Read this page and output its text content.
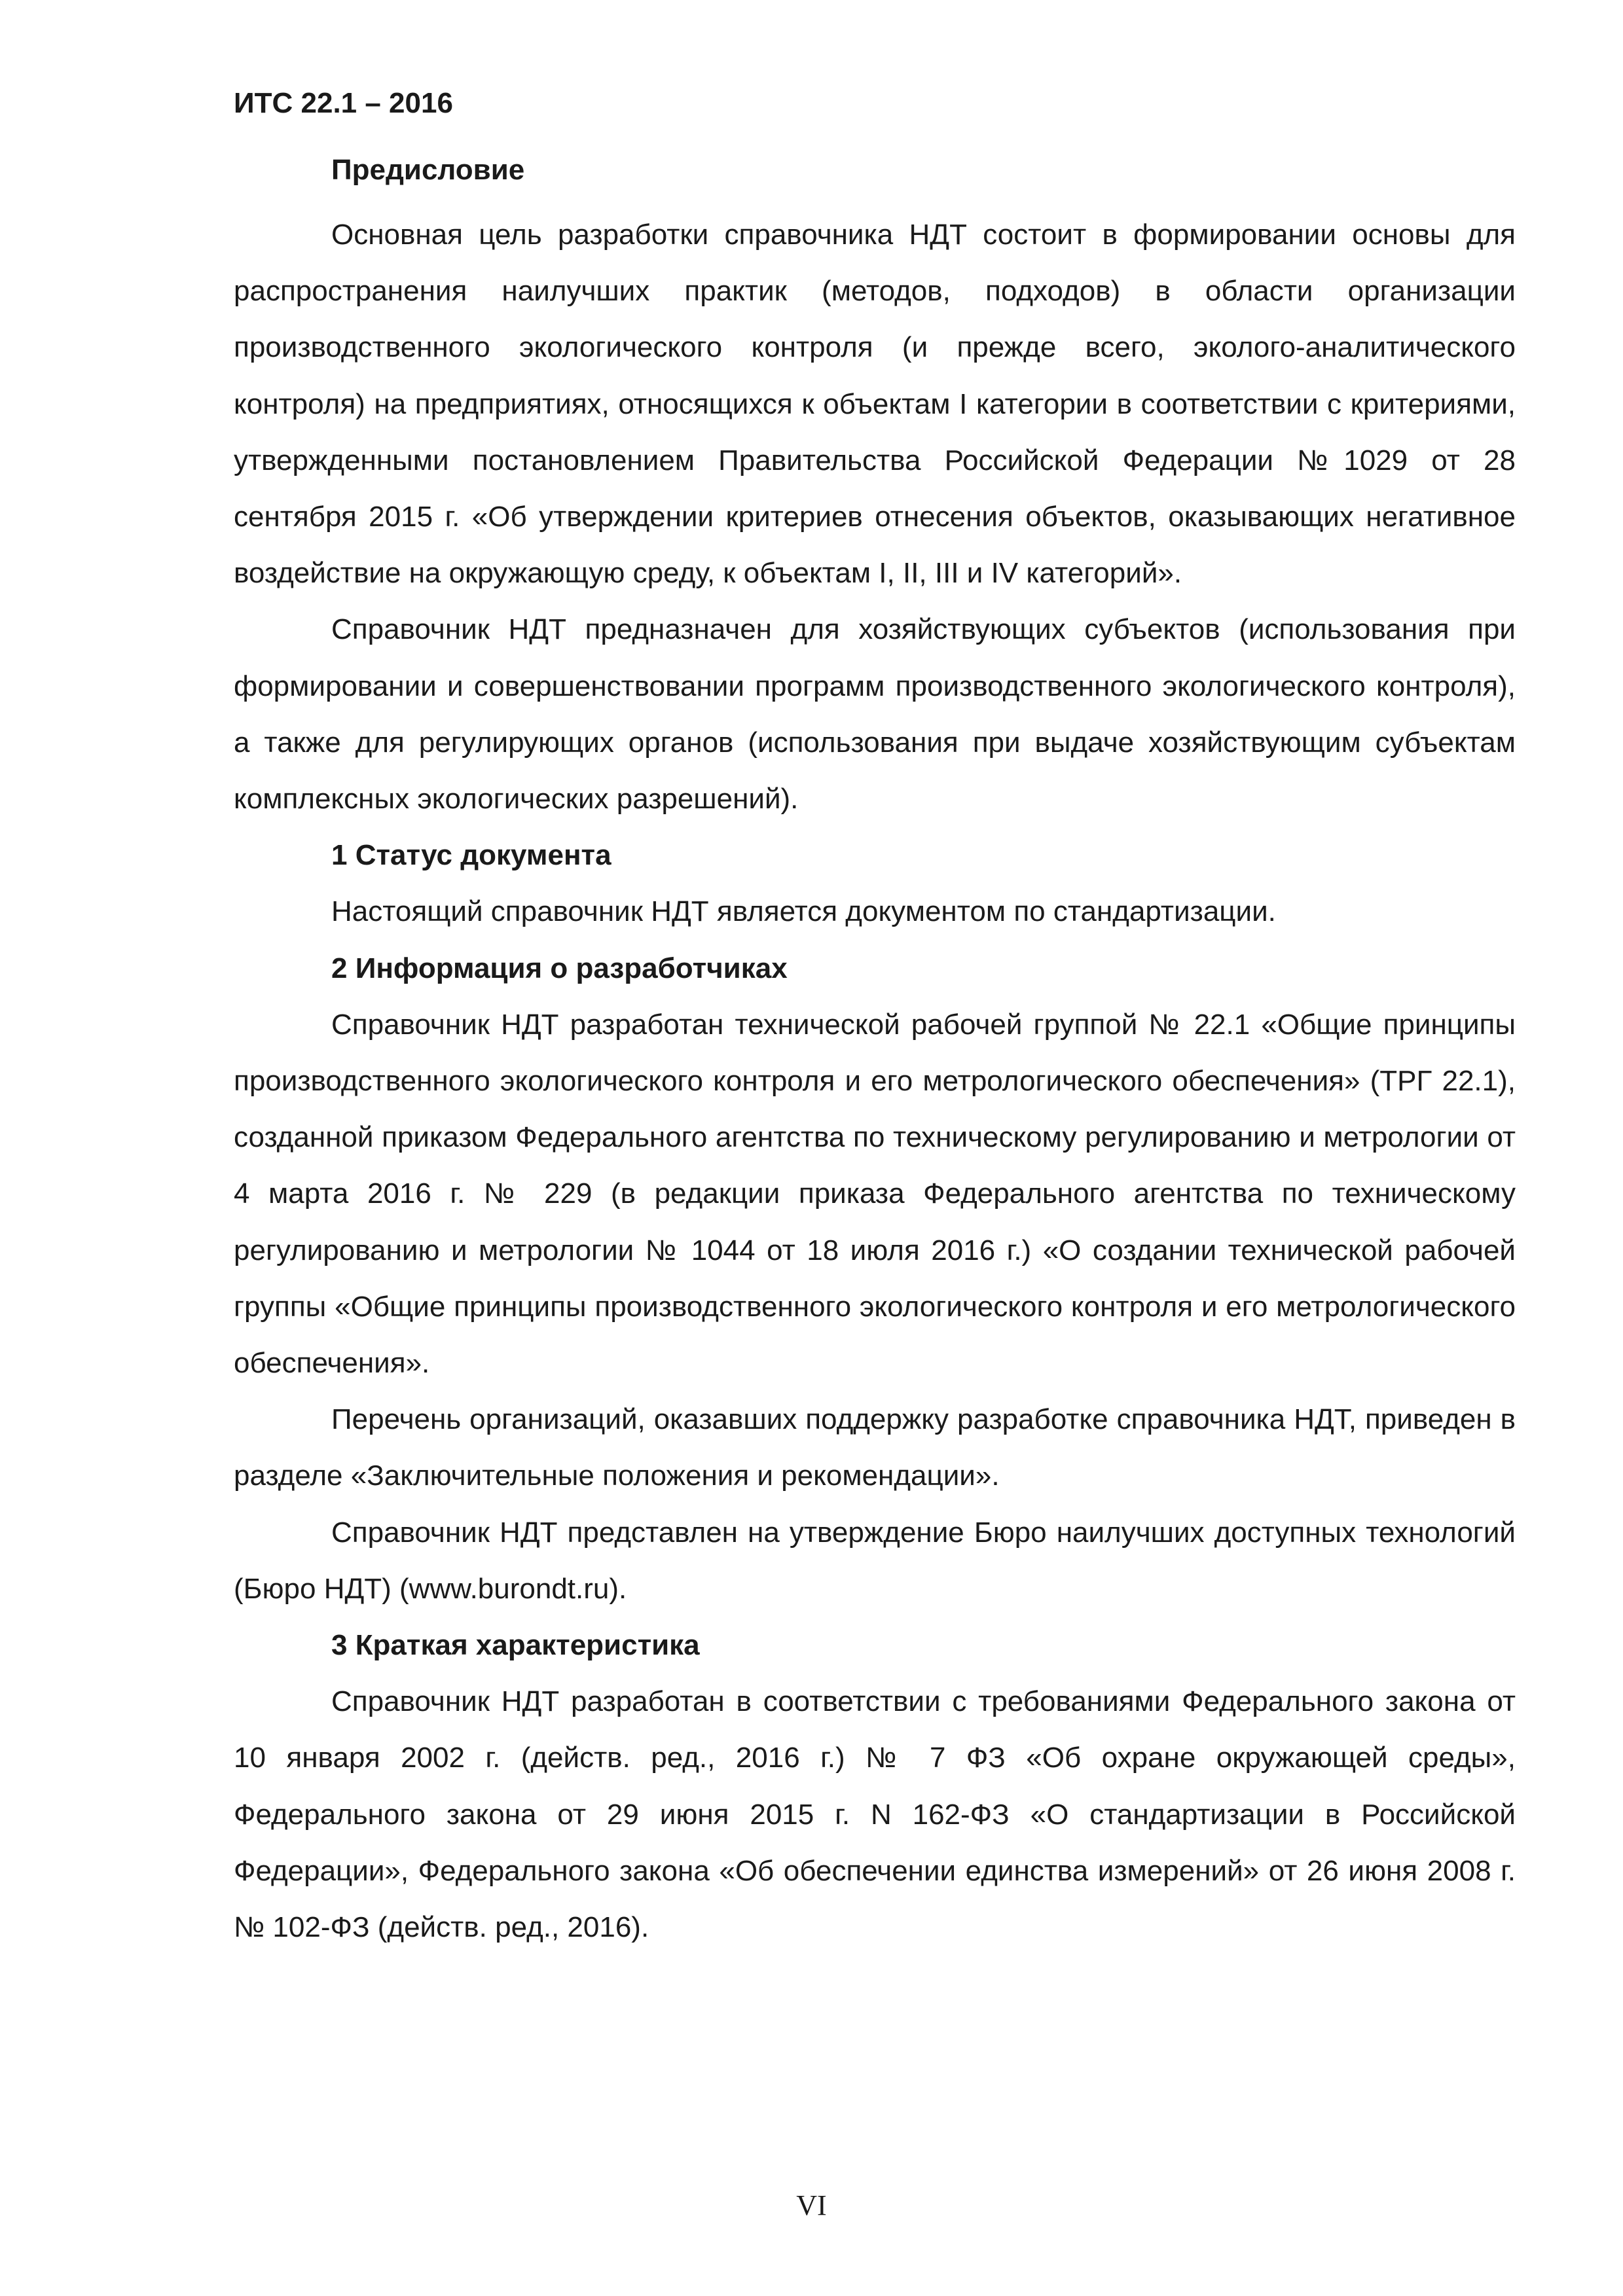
ИТС 22.1 – 2016
Предисловие

Основная цель разработки справочника НДТ состоит в формировании основы для распространения наилучших практик (методов, подходов) в области организации производственного экологического контроля (и прежде всего, эколого-аналитического контроля) на предприятиях, относящихся к объектам I категории в соответствии с критериями, утвержденными постановлением Правительства Российской Федерации №1029 от 28 сентября 2015 г. «Об утверждении критериев отнесения объектов, оказывающих негативное воздействие на окружающую среду, к объектам I, II, III и IV категорий».

Справочник НДТ предназначен для хозяйствующих субъектов (использования при формировании и совершенствовании программ производственного экологического контроля), а также для регулирующих органов (использования при выдаче хозяйствующим субъектам комплексных экологических разрешений).

1 Статус документа

Настоящий справочник НДТ является документом по стандартизации.

2 Информация о разработчиках

Справочник НДТ разработан технической рабочей группой № 22.1 «Общие принципы производственного экологического контроля и его метрологического обеспечения» (ТРГ 22.1), созданной приказом Федерального агентства по техническому регулированию и метрологии от 4 марта 2016 г. № 229 (в редакции приказа Федерального агентства по техническому регулированию и метрологии № 1044 от 18 июля 2016 г.) «О создании технической рабочей группы «Общие принципы производственного экологического контроля и его метрологического обеспечения».

Перечень организаций, оказавших поддержку разработке справочника НДТ, приведен в разделе «Заключительные положения и рекомендации».

Справочник НДТ представлен на утверждение Бюро наилучших доступных технологий (Бюро НДТ) (www.burondt.ru).

3 Краткая характеристика

Справочник НДТ разработан в соответствии с требованиями Федерального закона от 10 января 2002 г. (действ. ред., 2016 г.) № 7 ФЗ «Об охране окружающей среды», Федерального закона от 29 июня 2015 г. N 162-ФЗ «О стандартизации в Российской Федерации», Федерального закона «Об обеспечении единства измерений» от 26 июня 2008 г. № 102-ФЗ (действ. ред., 2016).

VI
